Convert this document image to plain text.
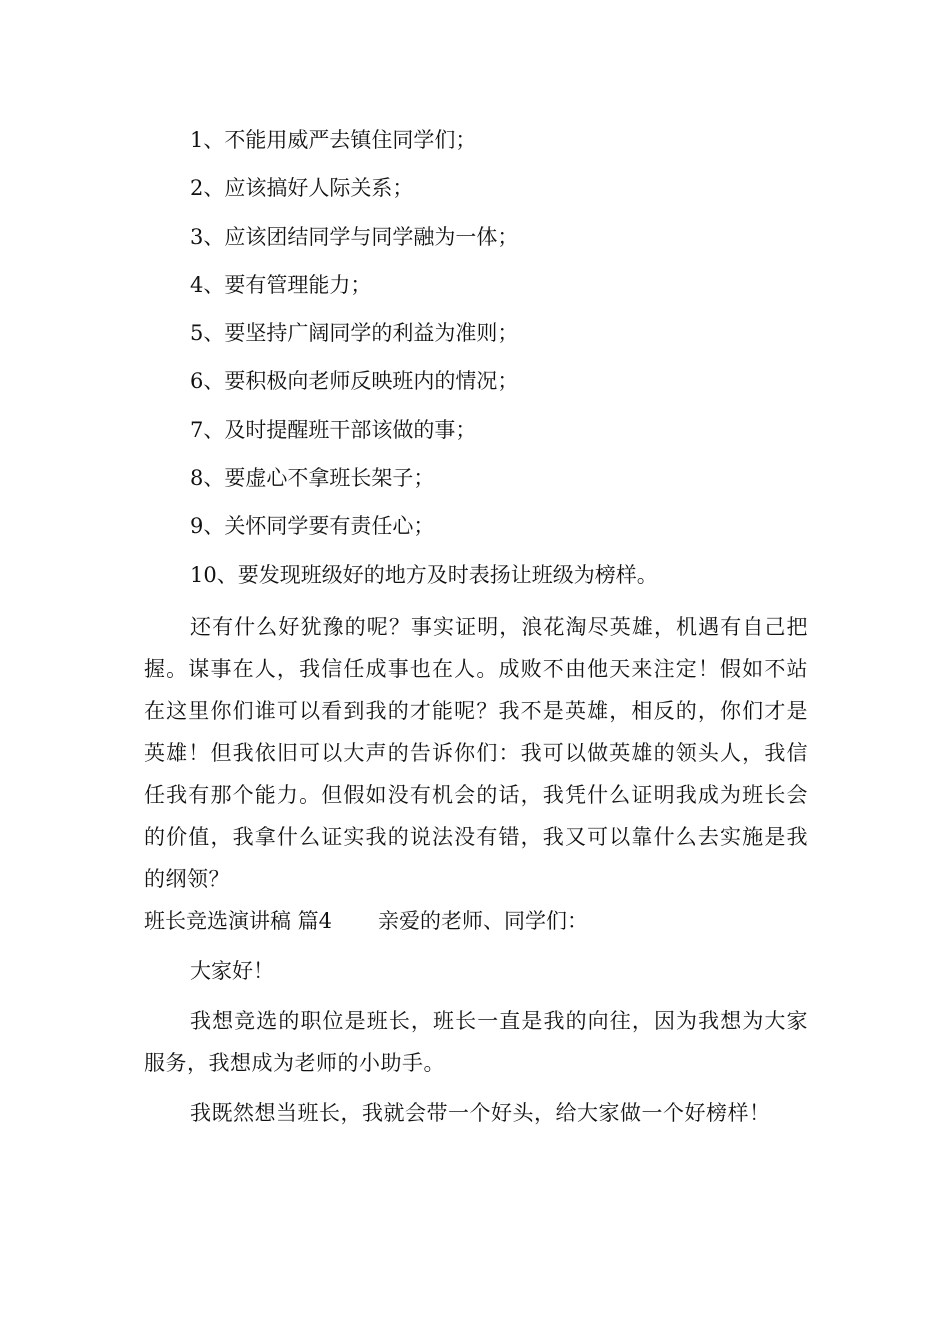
1、不能用威严去镇住同学们；

2、应该搞好人际关系；

3、应该团结同学与同学融为一体；

4、要有管理能力；

5、要坚持广阔同学的利益为准则；

6、要积极向老师反映班内的情况；

7、及时提醒班干部该做的事；

8、要虚心不拿班长架子；

9、关怀同学要有责任心；

10、要发现班级好的地方及时表扬让班级为榜样。

还有什么好犹豫的呢？事实证明，浪花淘尽英雄，机遇有自己把握。谋事在人，我信任成事也在人。成败不由他天来注定！假如不站在这里你们谁可以看到我的才能呢？我不是英雄，相反的，你们才是英雄！但我依旧可以大声的告诉你们：我可以做英雄的领头人，我信任我有那个能力。但假如没有机会的话，我凭什么证明我成为班长会的价值，我拿什么证实我的说法没有错，我又可以靠什么去实施是我的纲领？

班长竞选演讲稿 篇4 亲爱的老师、同学们：

大家好！

我想竞选的职位是班长，班长一直是我的向往，因为我想为大家服务，我想成为老师的小助手。

我既然想当班长，我就会带一个好头，给大家做一个好榜样！
